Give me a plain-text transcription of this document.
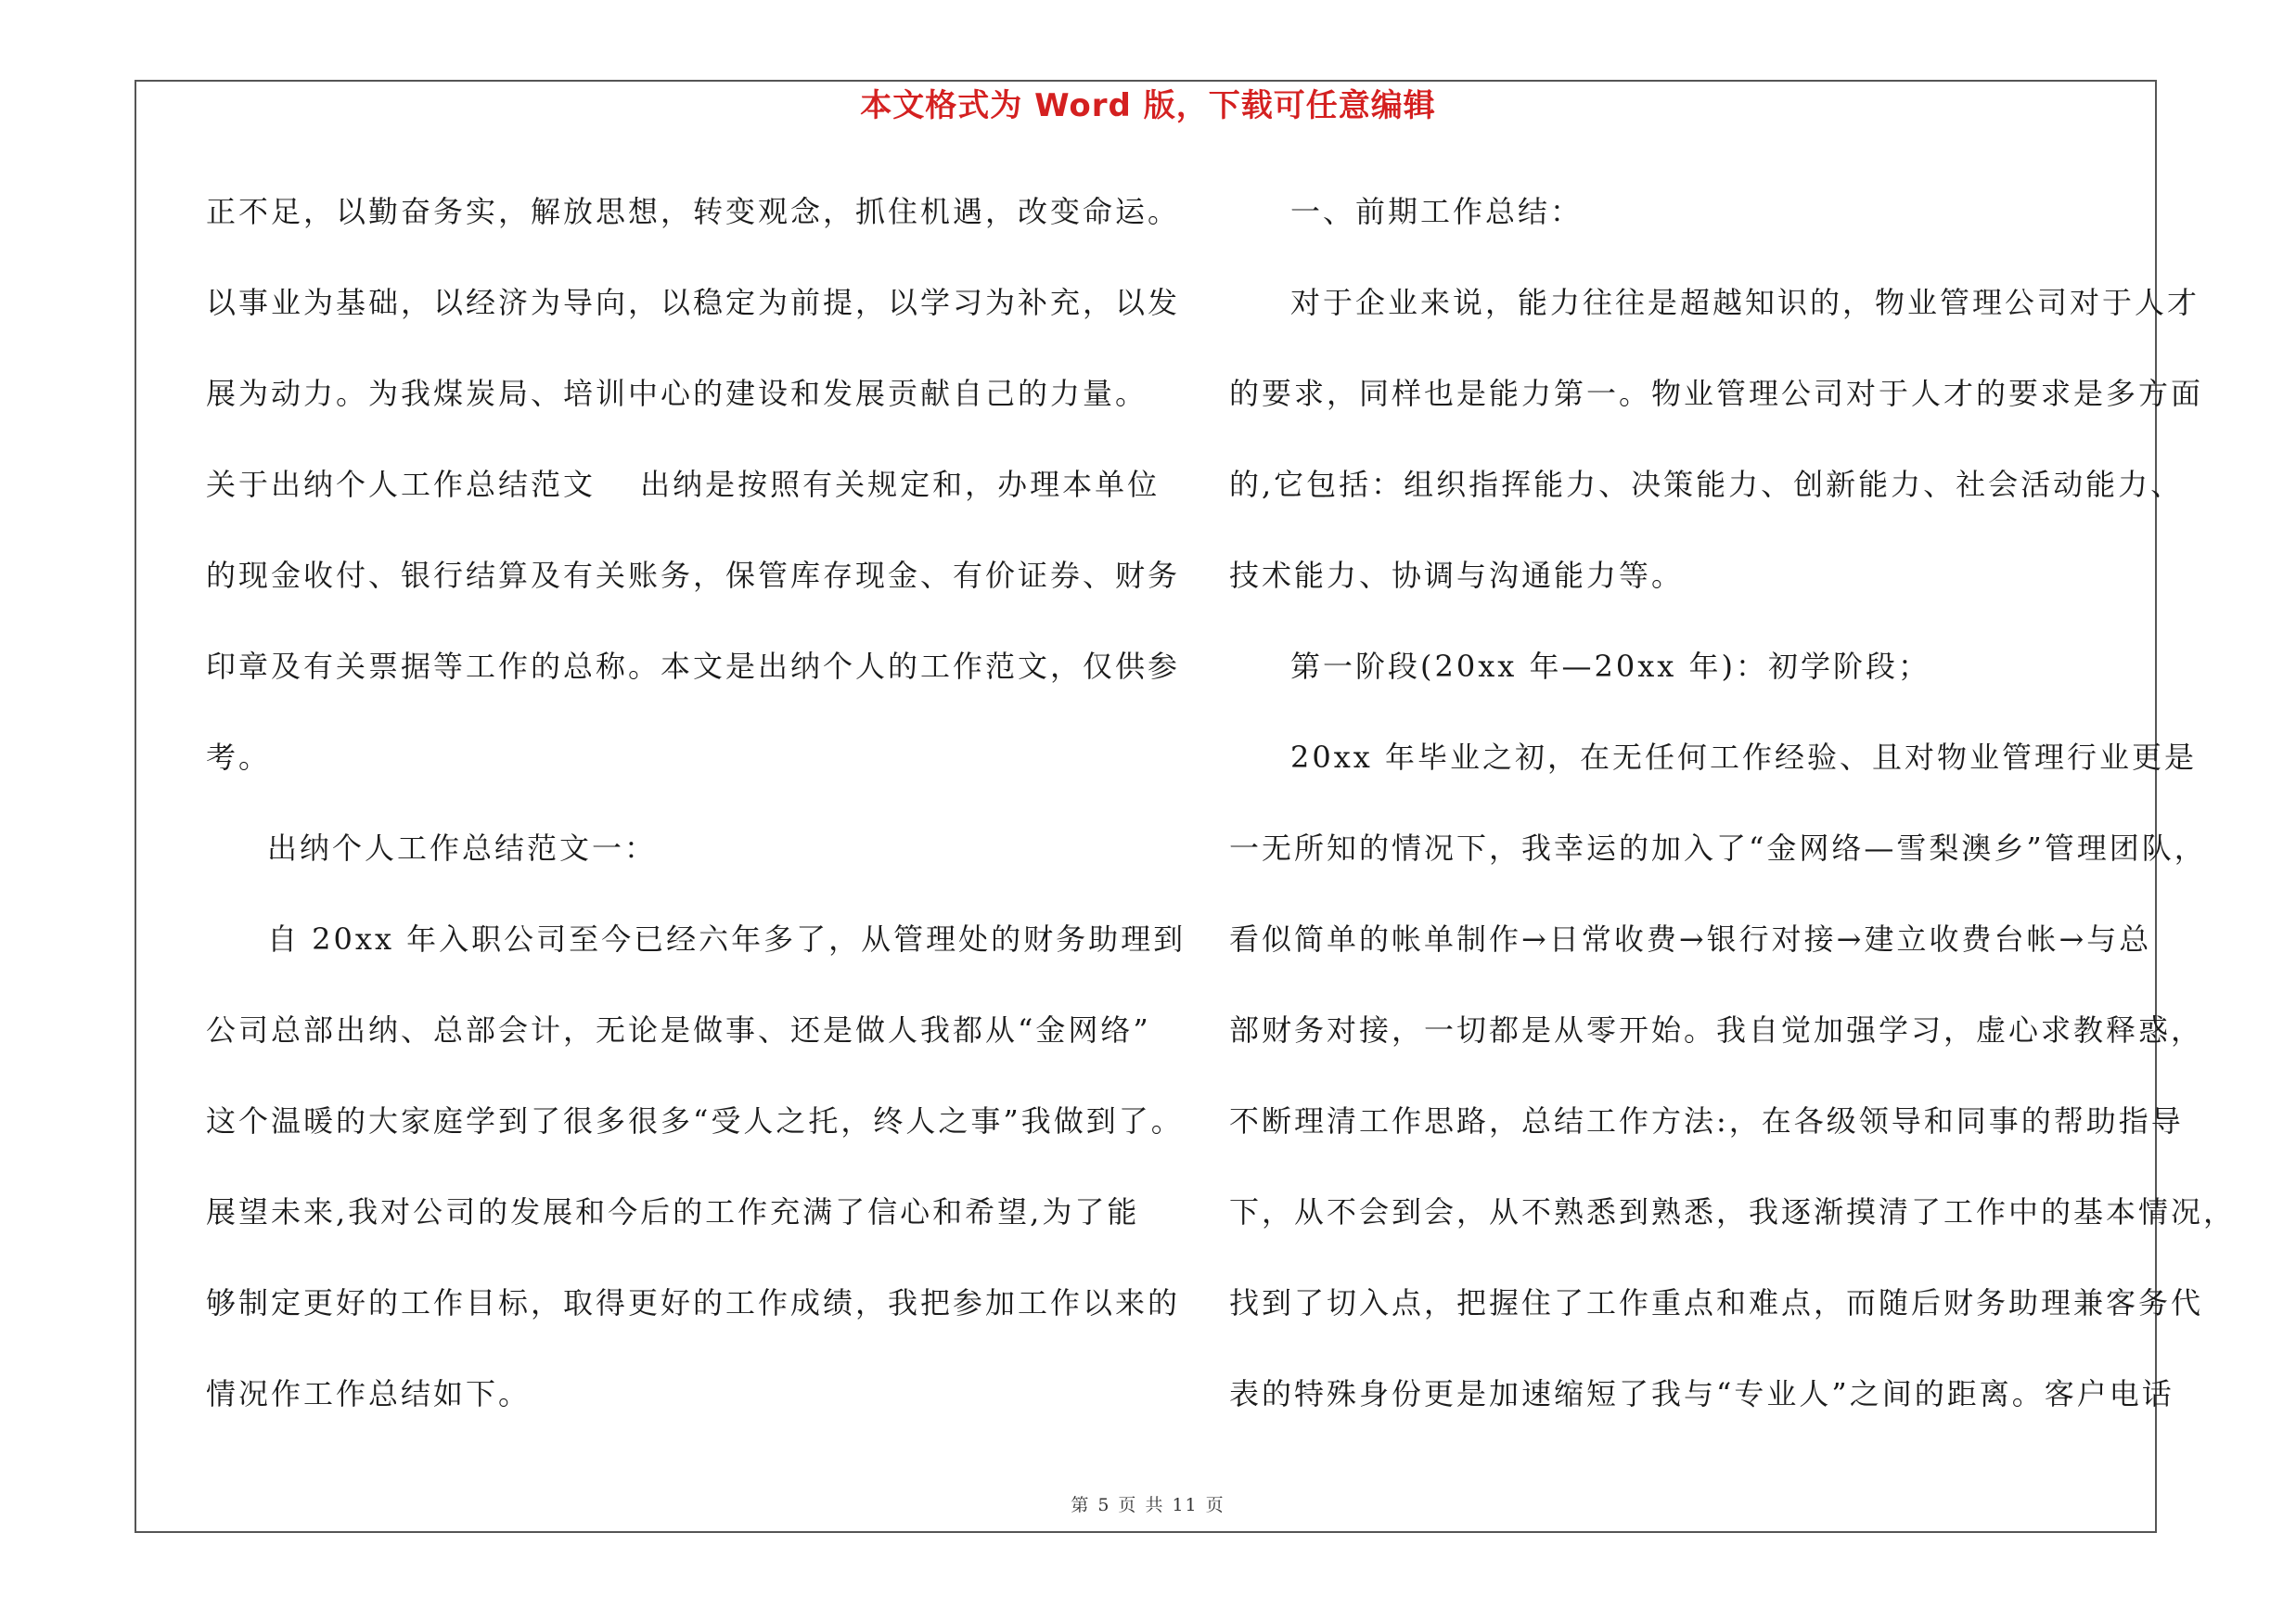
本文格式为 Word 版，下载可任意编辑
正不足，以勤奋务实，解放思想，转变观念，抓住机遇，改变命运。
以事业为基础，以经济为导向，以稳定为前提，以学习为补充，以发
展为动力。为我煤炭局、培训中心的建设和发展贡献自己的力量。
关于出纳个人工作总结范文　 出纳是按照有关规定和，办理本单位
的现金收付、银行结算及有关账务，保管库存现金、有价证券、财务
印章及有关票据等工作的总称。本文是出纳个人的工作范文，仅供参
考。
出纳个人工作总结范文一：
自 20xx 年入职公司至今已经六年多了，从管理处的财务助理到
公司总部出纳、总部会计，无论是做事、还是做人我都从“金网络”
这个温暖的大家庭学到了很多很多“受人之托，终人之事”我做到了。
展望未来,我对公司的发展和今后的工作充满了信心和希望,为了能
够制定更好的工作目标，取得更好的工作成绩，我把参加工作以来的
情况作工作总结如下。
一、前期工作总结：
对于企业来说，能力往往是超越知识的，物业管理公司对于人才
的要求，同样也是能力第一。物业管理公司对于人才的要求是多方面
的,它包括：组织指挥能力、决策能力、创新能力、社会活动能力、
技术能力、协调与沟通能力等。
第一阶段(20xx 年—20xx 年)：初学阶段；
20xx 年毕业之初，在无任何工作经验、且对物业管理行业更是
一无所知的情况下，我幸运的加入了“金网络—雪梨澳乡”管理团队，
看似简单的帐单制作→日常收费→银行对接→建立收费台帐→与总
部财务对接，一切都是从零开始。我自觉加强学习，虚心求教释惑，
不断理清工作思路，总结工作方法:，在各级领导和同事的帮助指导
下，从不会到会，从不熟悉到熟悉，我逐渐摸清了工作中的基本情况，
找到了切入点，把握住了工作重点和难点，而随后财务助理兼客务代
表的特殊身份更是加速缩短了我与“专业人”之间的距离。客户电话
第 5 页 共 11 页
